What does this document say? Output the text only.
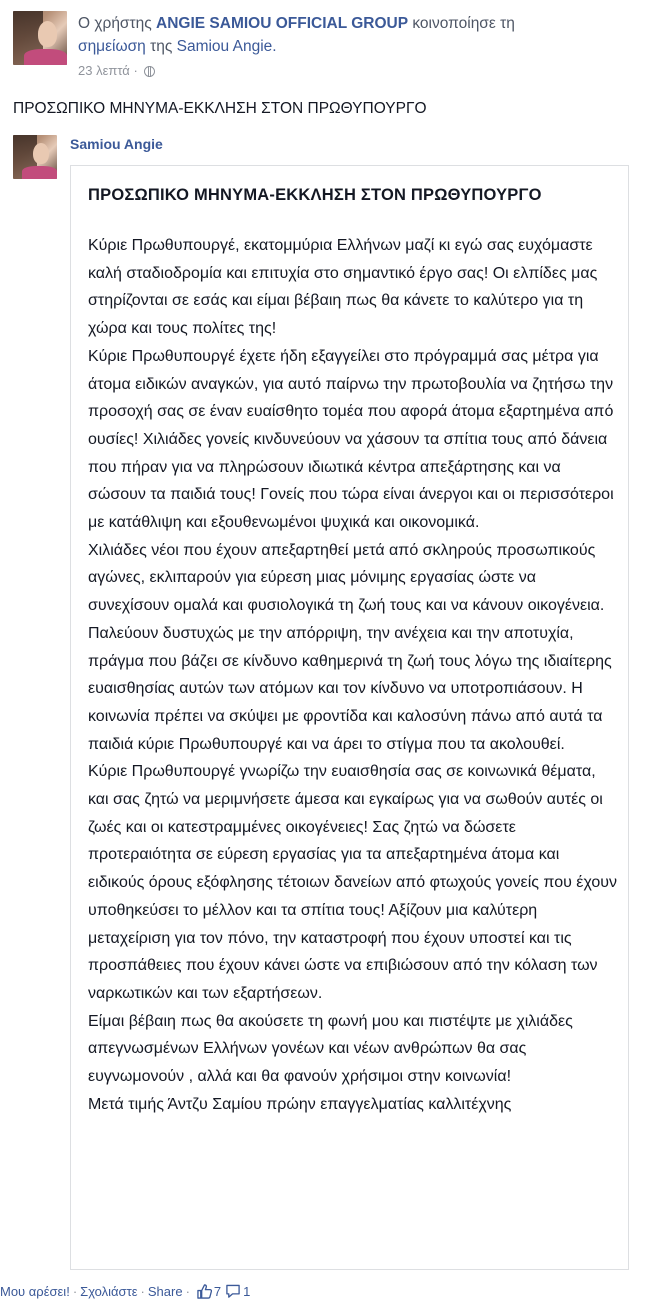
Ο χρήστης ANGIE SAMIOU OFFICIAL GROUP κοινοποίησε τη
σημείωση της Samiou Angie.
23 λεπτά ·
ΠΡΟΣΩΠΙΚΟ ΜΗΝΥΜΑ-ΕΚΚΛΗΣΗ ΣΤΟΝ ΠΡΩΘΥΠΟΥΡΓΟ
Samiou Angie
ΠΡΟΣΩΠΙΚΟ ΜΗΝΥΜΑ-ΕΚΚΛΗΣΗ ΣΤΟΝ ΠΡΩΘΥΠΟΥΡΓΟ

Κύριε Πρωθυπουργέ, εκατομμύρια Ελλήνων μαζί κι εγώ σας ευχόμαστε καλή σταδιοδρομία και επιτυχία στο σημαντικό έργο σας! Οι ελπίδες μας στηρίζονται σε εσάς και είμαι βέβαιη πως θα κάνετε το καλύτερο για τη χώρα και τους πολίτες της!

Κύριε Πρωθυπουργέ έχετε ήδη εξαγγείλει στο πρόγραμμά σας μέτρα για άτομα ειδικών αναγκών, για αυτό παίρνω την πρωτοβουλία να ζητήσω την προσοχή σας σε έναν ευαίσθητο τομέα που αφορά άτομα εξαρτημένα από ουσίες! Χιλιάδες γονείς κινδυνεύουν να χάσουν τα σπίτια τους από δάνεια που πήραν για να πληρώσουν ιδιωτικά κέντρα απεξάρτησης και να σώσουν τα παιδιά τους! Γονείς που τώρα είναι άνεργοι και οι περισσότεροι με κατάθλιψη και εξουθενωμένοι ψυχικά και οικονομικά.

Χιλιάδες νέοι που έχουν απεξαρτηθεί μετά από σκληρούς προσωπικούς αγώνες, εκλιπαρούν για εύρεση μιας μόνιμης εργασίας ώστε να συνεχίσουν ομαλά και φυσιολογικά τη ζωή τους και να κάνουν οικογένεια. Παλεύουν δυστυχώς με την απόρριψη, την ανέχεια και την αποτυχία, πράγμα που βάζει σε κίνδυνο καθημερινά τη ζωή τους λόγω της ιδιαίτερης ευαισθησίας αυτών των ατόμων και τον κίνδυνο να υποτροπιάσουν. Η κοινωνία πρέπει να σκύψει με φροντίδα και καλοσύνη πάνω από αυτά τα παιδιά κύριε Πρωθυπουργέ και να άρει το στίγμα που τα ακολουθεί.

Κύριε Πρωθυπουργέ γνωρίζω την ευαισθησία σας σε κοινωνικά θέματα, και σας ζητώ να μεριμνήσετε άμεσα και εγκαίρως για να σωθούν αυτές οι ζωές και οι κατεστραμμένες οικογένειες! Σας ζητώ να δώσετε προτεραιότητα σε εύρεση εργασίας για τα απεξαρτημένα άτομα και ειδικούς όρους εξόφλησης τέτοιων δανείων από φτωχούς γονείς που έχουν υποθηκεύσει το μέλλον και τα σπίτια τους! Αξίζουν μια καλύτερη μεταχείριση για τον πόνο, την καταστροφή που έχουν υποστεί και τις προσπάθειες που έχουν κάνει ώστε να επιβιώσουν από την κόλαση των ναρκωτικών και των εξαρτήσεων.

Είμαι βέβαιη πως θα ακούσετε τη φωνή μου και πιστέψτε με χιλιάδες απεγνωσμένων Ελλήνων γονέων και νέων ανθρώπων θα σας ευγνωμονούν , αλλά και θα φανούν χρήσιμοι στην κοινωνία!

Μετά τιμής Άντζυ Σαμίου πρώην επαγγελματίας καλλιτέχνης

Μου αρέσει! · Σχολιάστε · Share · 7 1
